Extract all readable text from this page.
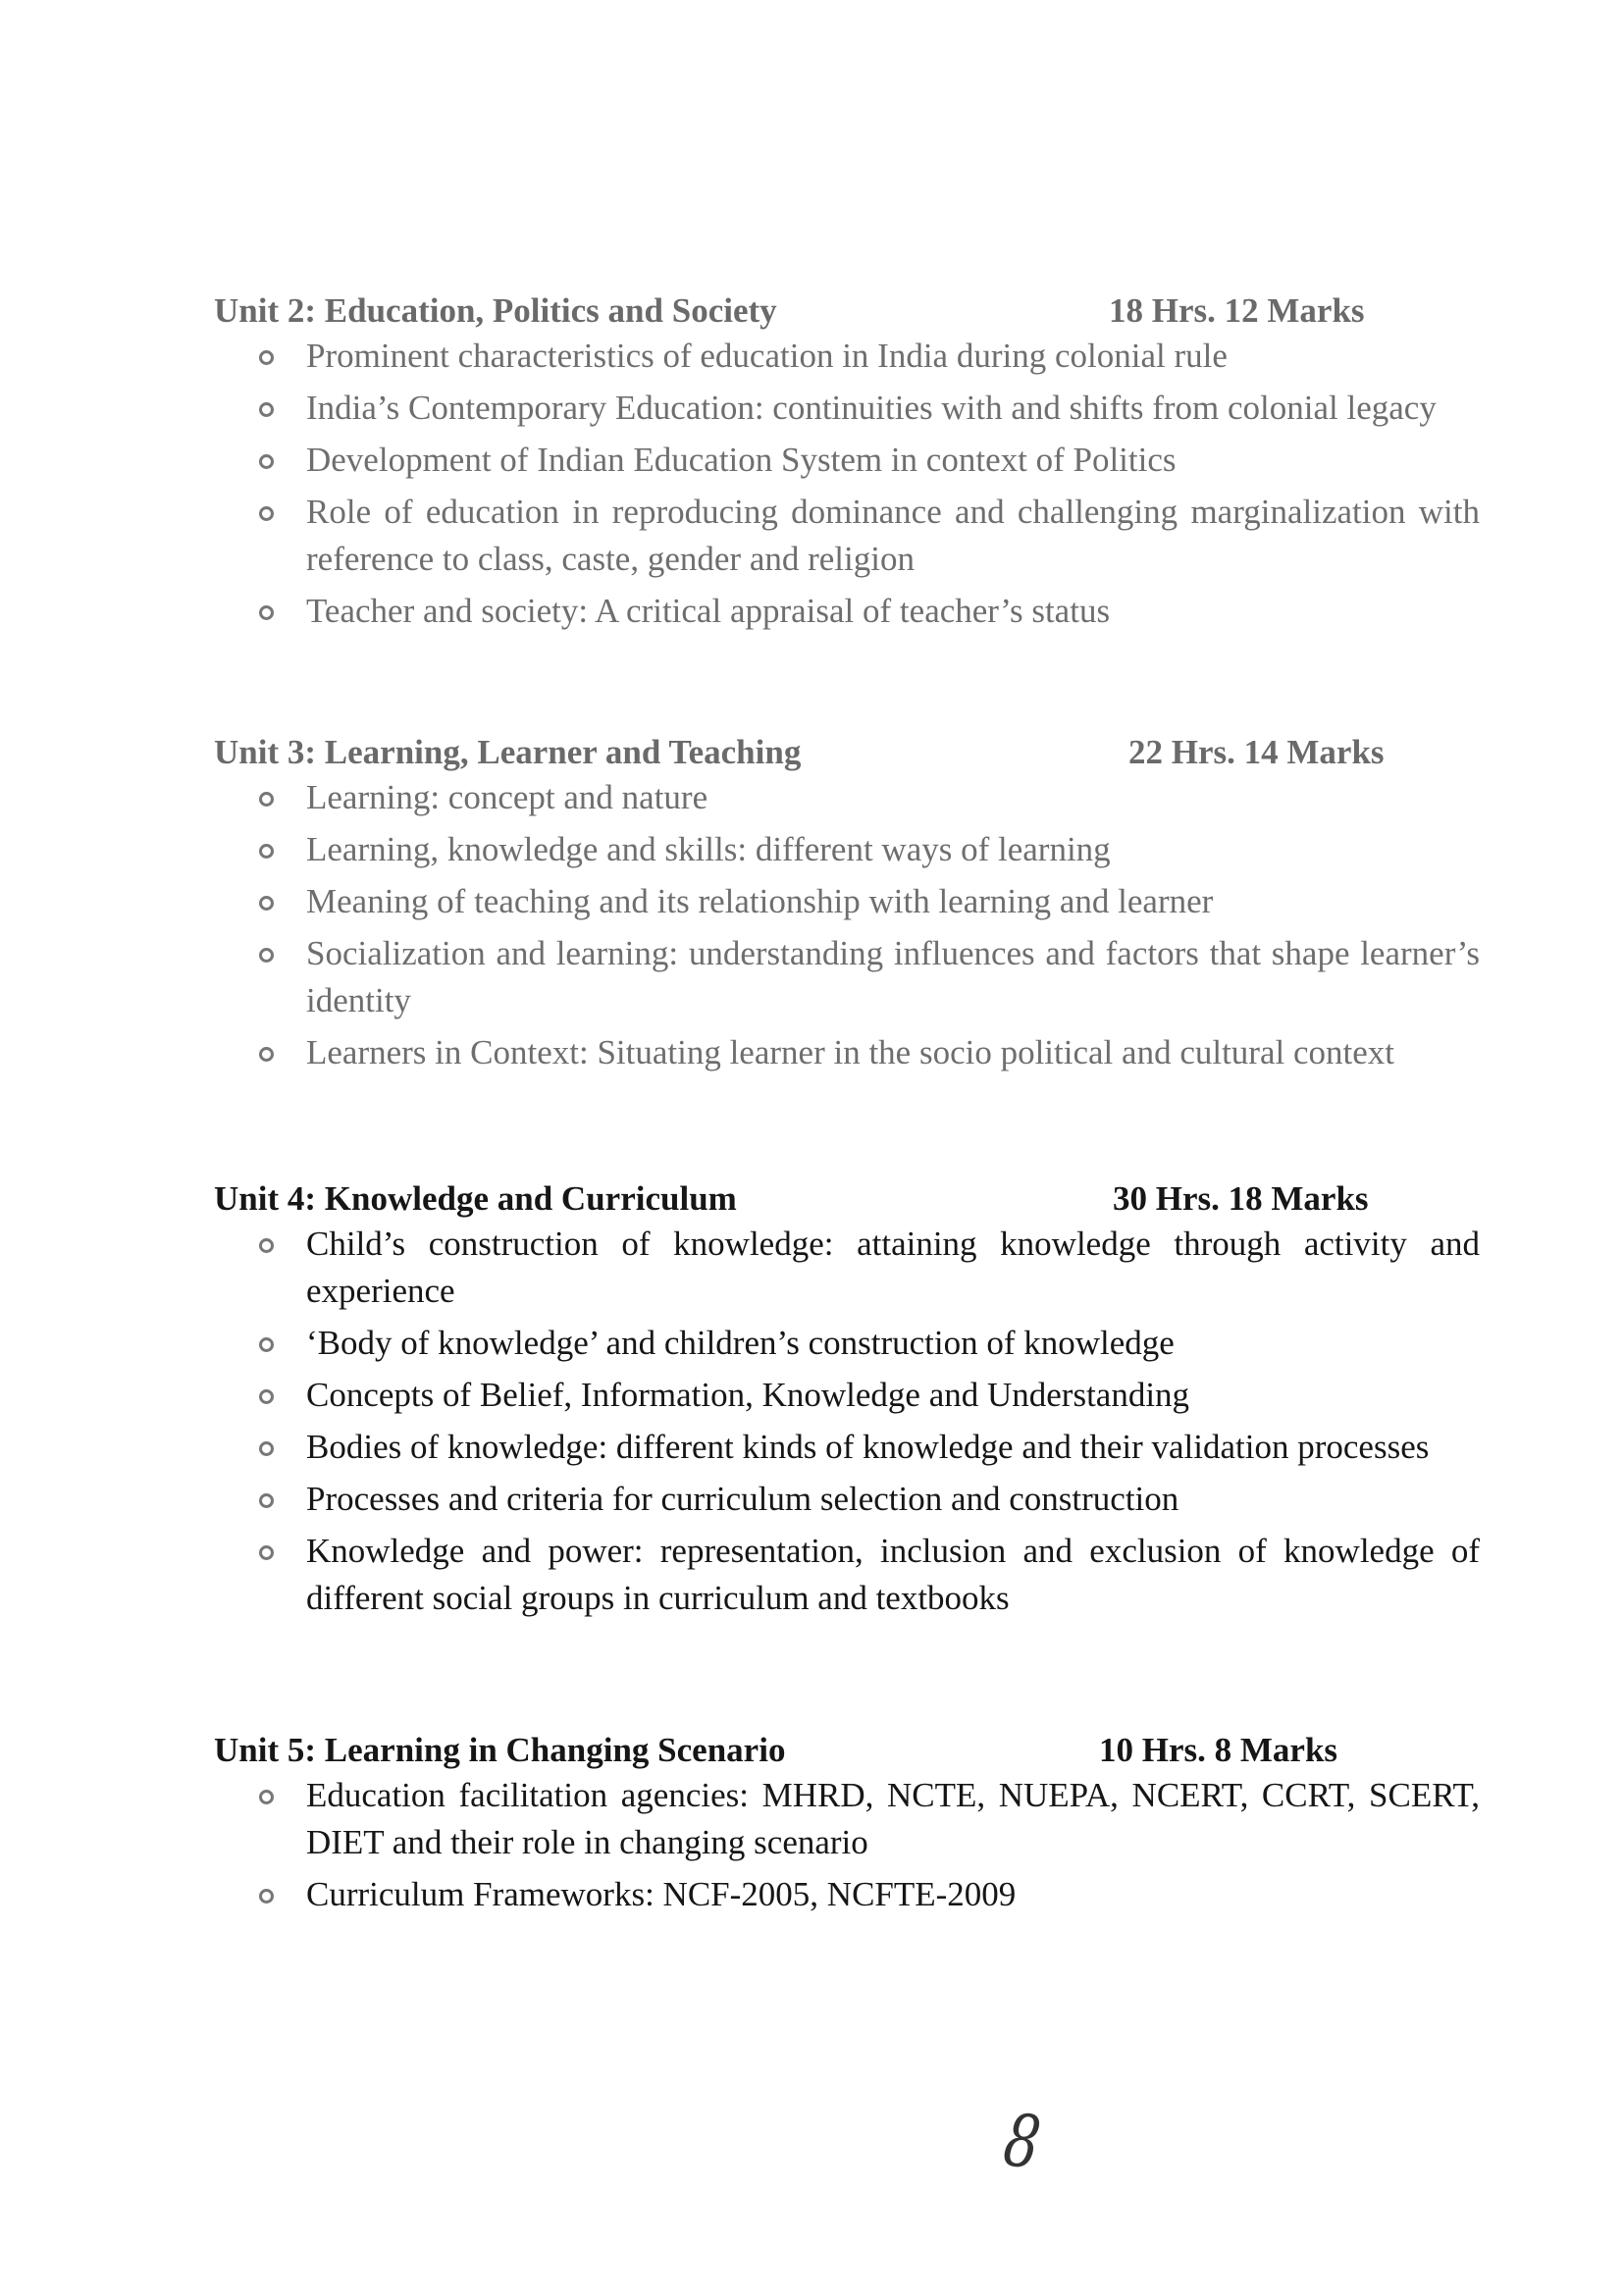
Unit 2: Education, Politics and Society	18 Hrs. 12 Marks
Prominent characteristics of education in India during colonial rule
India’s Contemporary Education: continuities with and shifts from colonial legacy
Development of Indian Education System in context of Politics
Role of education in reproducing dominance and challenging marginalization with reference to class, caste, gender and religion
Teacher and society: A critical appraisal of teacher’s status
Unit 3: Learning, Learner and Teaching	22 Hrs. 14 Marks
Learning: concept and nature
Learning, knowledge and skills: different ways of learning
Meaning of teaching and its relationship with learning and learner
Socialization and learning: understanding influences and factors that shape learner’s identity
Learners in Context: Situating learner in the socio political and cultural context
Unit 4: Knowledge and Curriculum	30 Hrs. 18 Marks
Child’s construction of knowledge: attaining knowledge through activity and experience
‘Body of knowledge’ and children’s construction of knowledge
Concepts of Belief, Information, Knowledge and Understanding
Bodies of knowledge: different kinds of knowledge and their validation processes
Processes and criteria for curriculum selection and construction
Knowledge and power: representation, inclusion and exclusion of knowledge of different social groups in curriculum and textbooks
Unit 5: Learning in Changing Scenario	10 Hrs. 8 Marks
Education facilitation agencies: MHRD, NCTE, NUEPA, NCERT, CCRT, SCERT, DIET and their role in changing scenario
Curriculum Frameworks: NCF-2005, NCFTE-2009
8
